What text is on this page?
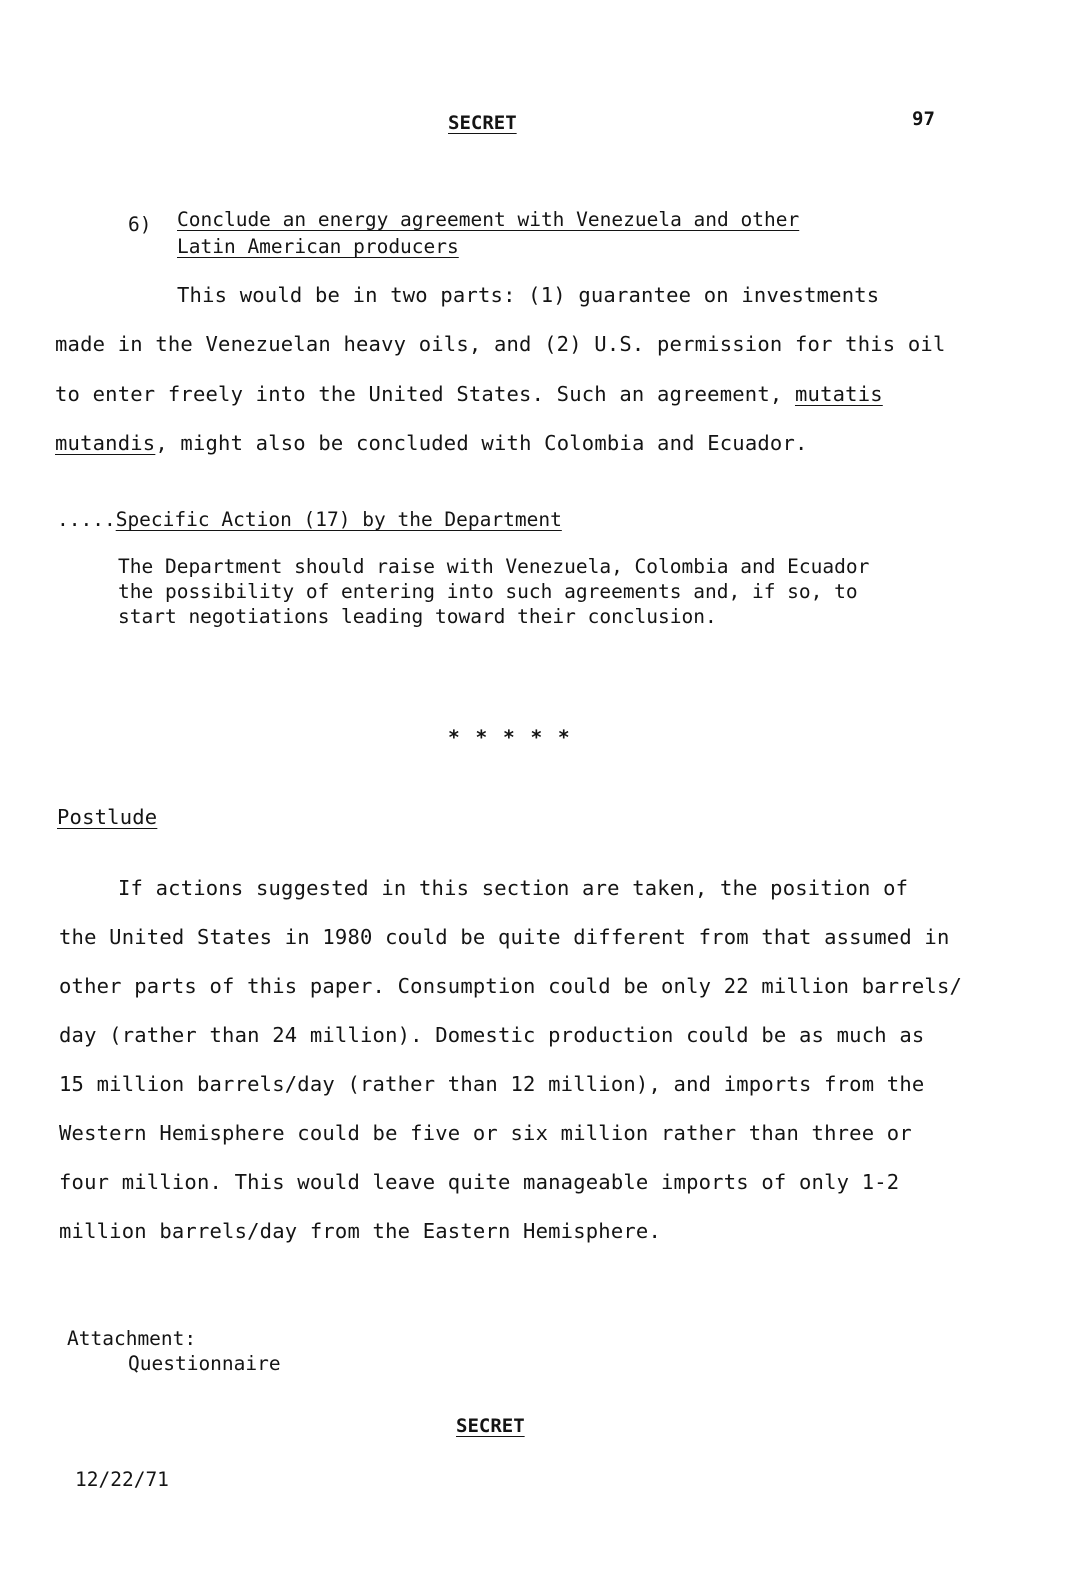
SECRET	97
6) Conclude an energy agreement with Venezuela and other
Latin American producers
This would be in two parts: (1) guarantee on investments
made in the Venezuelan heavy oils, and (2) U.S. permission for this oil
to enter freely into the United States. Such an agreement, mutatis
mutandis, might also be concluded with Colombia and Ecuador.
.....Specific Action (17) by the Department
The Department should raise with Venezuela, Colombia and Ecuador
the possibility of entering into such agreements and, if so, to
start negotiations leading toward their conclusion.
* * * * *
Postlude
If actions suggested in this section are taken, the position of
the United States in 1980 could be quite different from that assumed in
other parts of this paper. Consumption could be only 22 million barrels/
day (rather than 24 million). Domestic production could be as much as
15 million barrels/day (rather than 12 million), and imports from the
Western Hemisphere could be five or six million rather than three or
four million. This would leave quite manageable imports of only 1-2
million barrels/day from the Eastern Hemisphere.
Attachment:
Questionnaire
SECRET
12/22/71
